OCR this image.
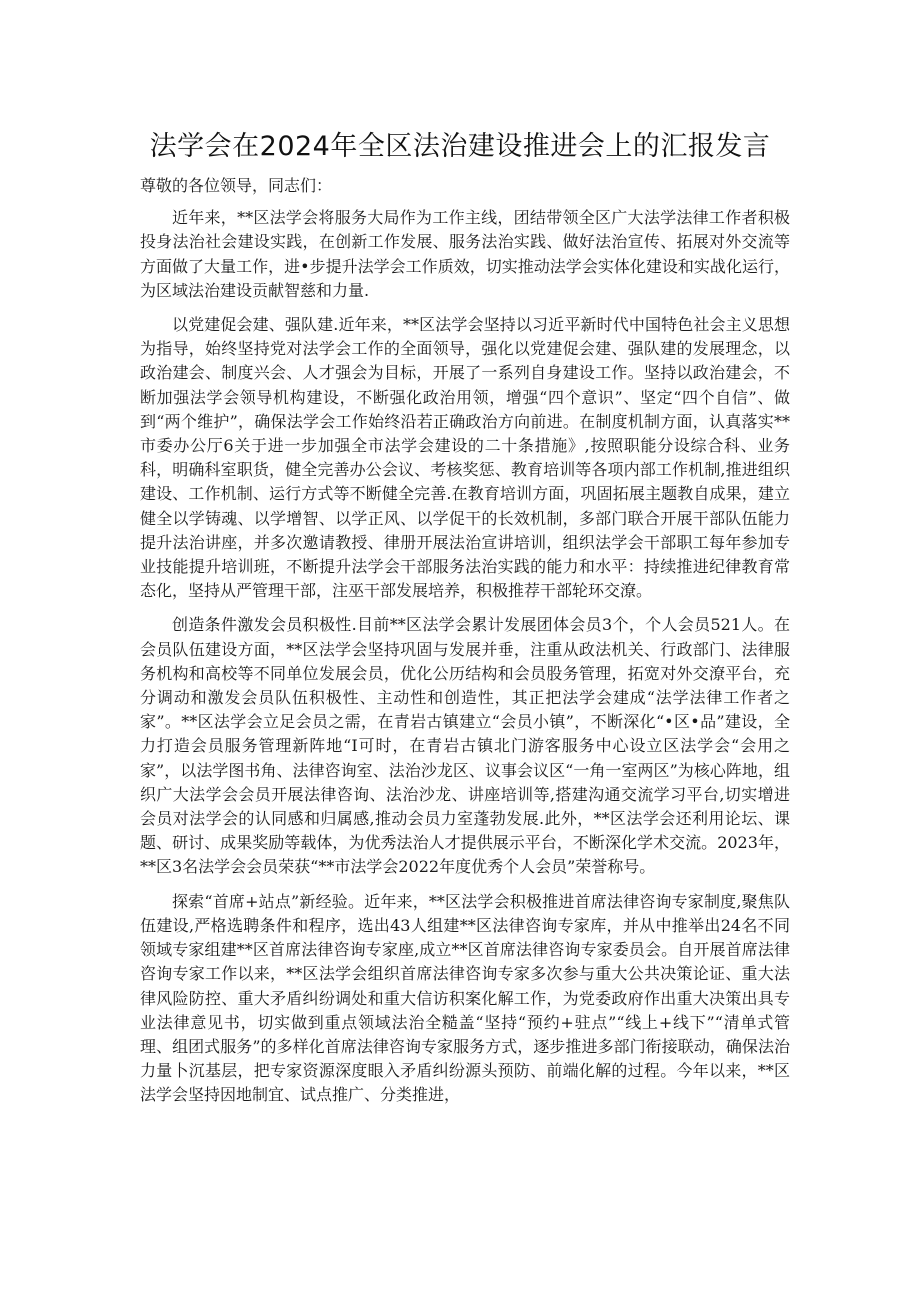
法学会在2024年全区法治建设推进会上的汇报发言

尊敬的各位领导，同志们：

近年来，**区法学会将服务大局作为工作主线，团结带领全区广大法学法律工作者积极投身法治社会建设实践，在创新工作发展、服务法治实践、做好法治宣传、拓展对外交流等方面做了大量工作，进•步提升法学会工作质效，切实推动法学会实体化建设和实战化运行，为区域法治建设贡献智慈和力量.

以党建促会建、强队建.近年来，**区法学会坚持以习近平新时代中国特色社会主义思想为指导，始终坚持党对法学会工作的全面领导，强化以党建促会建、强队建的发展理念，以政治建会、制度兴会、人才强会为目标，开展了一系列自身建设工作。坚持以政治建会，不断加强法学会领导机构建设，不断强化政治用领，增强“四个意识”、坚定“四个自信”、做到“两个维护”，确保法学会工作始终沿若正确政治方向前进。在制度机制方面，认真落实**市委办公厅6关于进一步加强全市法学会建设的二十条措施》,按照职能分设综合科、业务科，明确科室职货，健全完善办公会议、考核奖惩、教育培训等各项内部工作机制,推进组织建设、工作机制、运行方式等不断健全完善.在教育培训方面，巩固拓展主题教自成果，建立健全以学铸魂、以学增智、以学正风、以学促干的长效机制，多部门联合开展干部队伍能力提升法治讲座，并多次邀请教授、律册开展法治宣讲培训，组织法学会干部职工每年参加专业技能提升培训班，不断提升法学会干部服务法治实践的能力和水平：持续推进纪律教育常态化，坚持从严管理干部，注巫干部发展培养，积极推荐干部轮环交潦。

创造条件激发会员积极性.目前**区法学会累计发展团体会员3个，个人会员521人。在会员队伍建设方面，**区法学会坚持巩固与发展并垂，注重从政法机关、行政部门、法律服务机构和高校等不同单位发展会员，优化公历结构和会员股务管理，拓宽对外交潦平台，充分调动和激发会员队伍积极性、主动性和创造性，其正把法学会建成“法学法律工作者之家”。**区法学会立足会员之需，在青岩古镇建立“会员小镇”，不断深化“•区•品”建设，全力打造会员服务管理新阵地“I可时，在青岩古镇北门游客服务中心设立区法学会“会用之家”，以法学图书角、法律咨询室、法治沙龙区、议事会议区“一角一室两区”为核心阵地，组织广大法学会会员开展法律咨询、法治沙龙、讲座培训等,搭建沟通交流学习平台,切实增进会员对法学会的认同感和归属感,推动会员力室蓬勃发展.此外，**区法学会还利用论坛、课题、研讨、成果奖励等载体，为优秀法治人才提供展示平台，不断深化学术交流。2023年，**区3名法学会会员荣获“**市法学会2022年度优秀个人会员”荣誉称号。

探索“首席+站点”新经验。近年来，**区法学会积极推进首席法律咨询专家制度,聚焦队伍建设,严格选聘条件和程序，选出43人组建**区法律咨询专家库，并从中推举出24名不同领域专家组建**区首席法律咨询专家座,成立**区首席法律咨询专家委员会。自开展首席法律咨询专家工作以来，**区法学会组织首席法律咨询专家多次参与重大公共决策论证、重大法律风险防控、重大矛盾纠纷调处和重大信访积案化解工作，为党委政府作出重大决策出具专业法律意见书，切实做到重点领域法治全糙盖“坚持“预约+驻点”“线上+线下”“清单式管理、组团式服务”的多样化首席法律咨询专家服务方式，逐步推进多部门衔接联动，确保法治力量卜沉基层，把专家资源深度眼入矛盾纠纷源头预防、前端化解的过程。今年以来，**区法学会坚持因地制宜、试点推广、分类推进，
